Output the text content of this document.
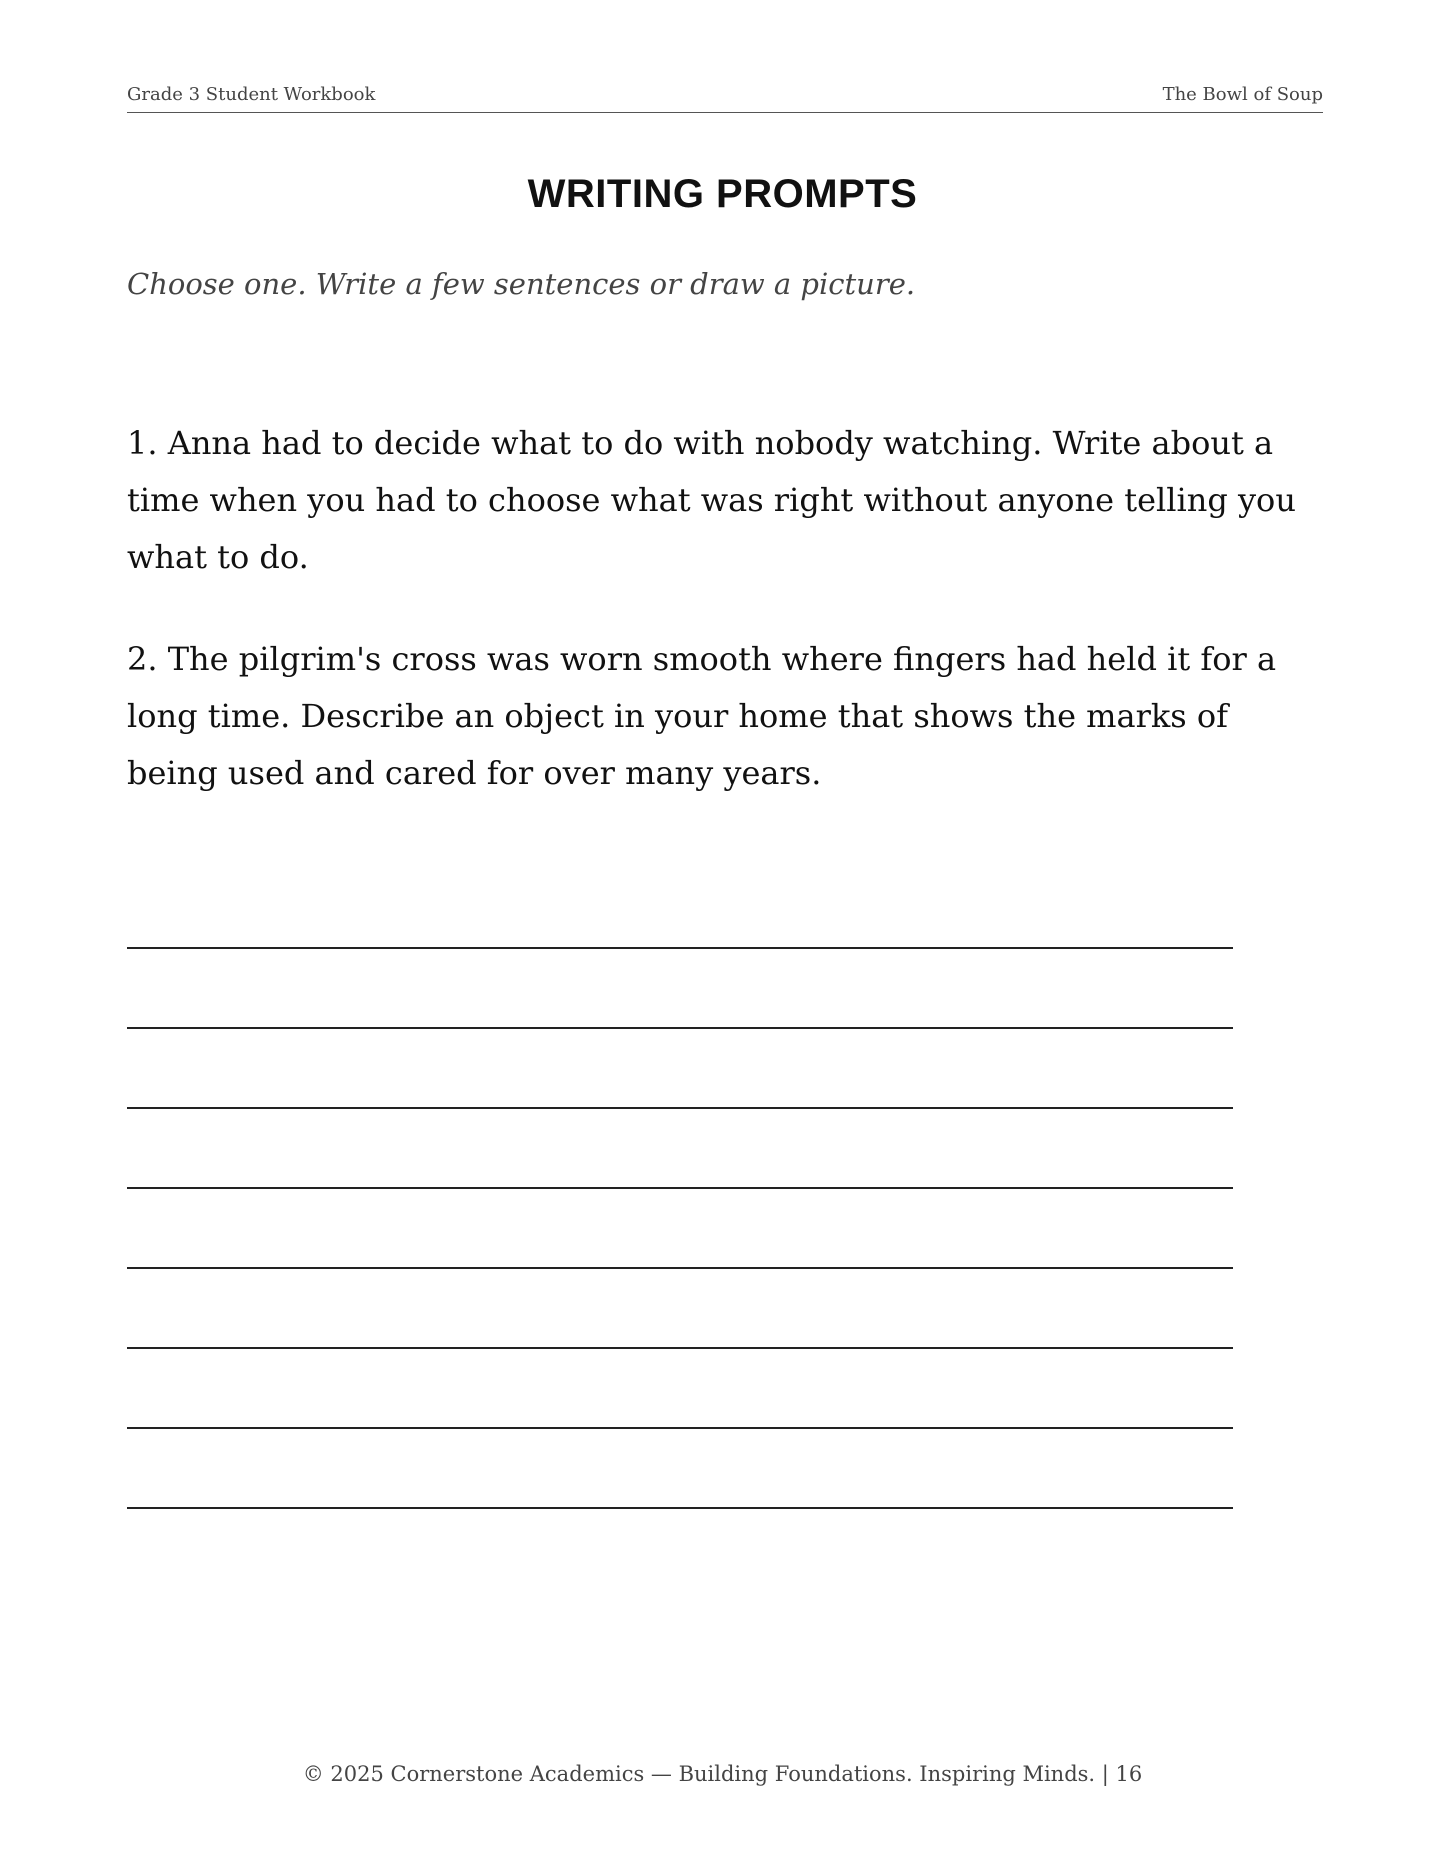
Grade 3 Student Workbook	The Bowl of Soup
WRITING PROMPTS
Choose one. Write a few sentences or draw a picture.
1. Anna had to decide what to do with nobody watching. Write about a time when you had to choose what was right without anyone telling you what to do.
2. The pilgrim's cross was worn smooth where fingers had held it for a long time. Describe an object in your home that shows the marks of being used and cared for over many years.
© 2025 Cornerstone Academics — Building Foundations. Inspiring Minds. | 16
